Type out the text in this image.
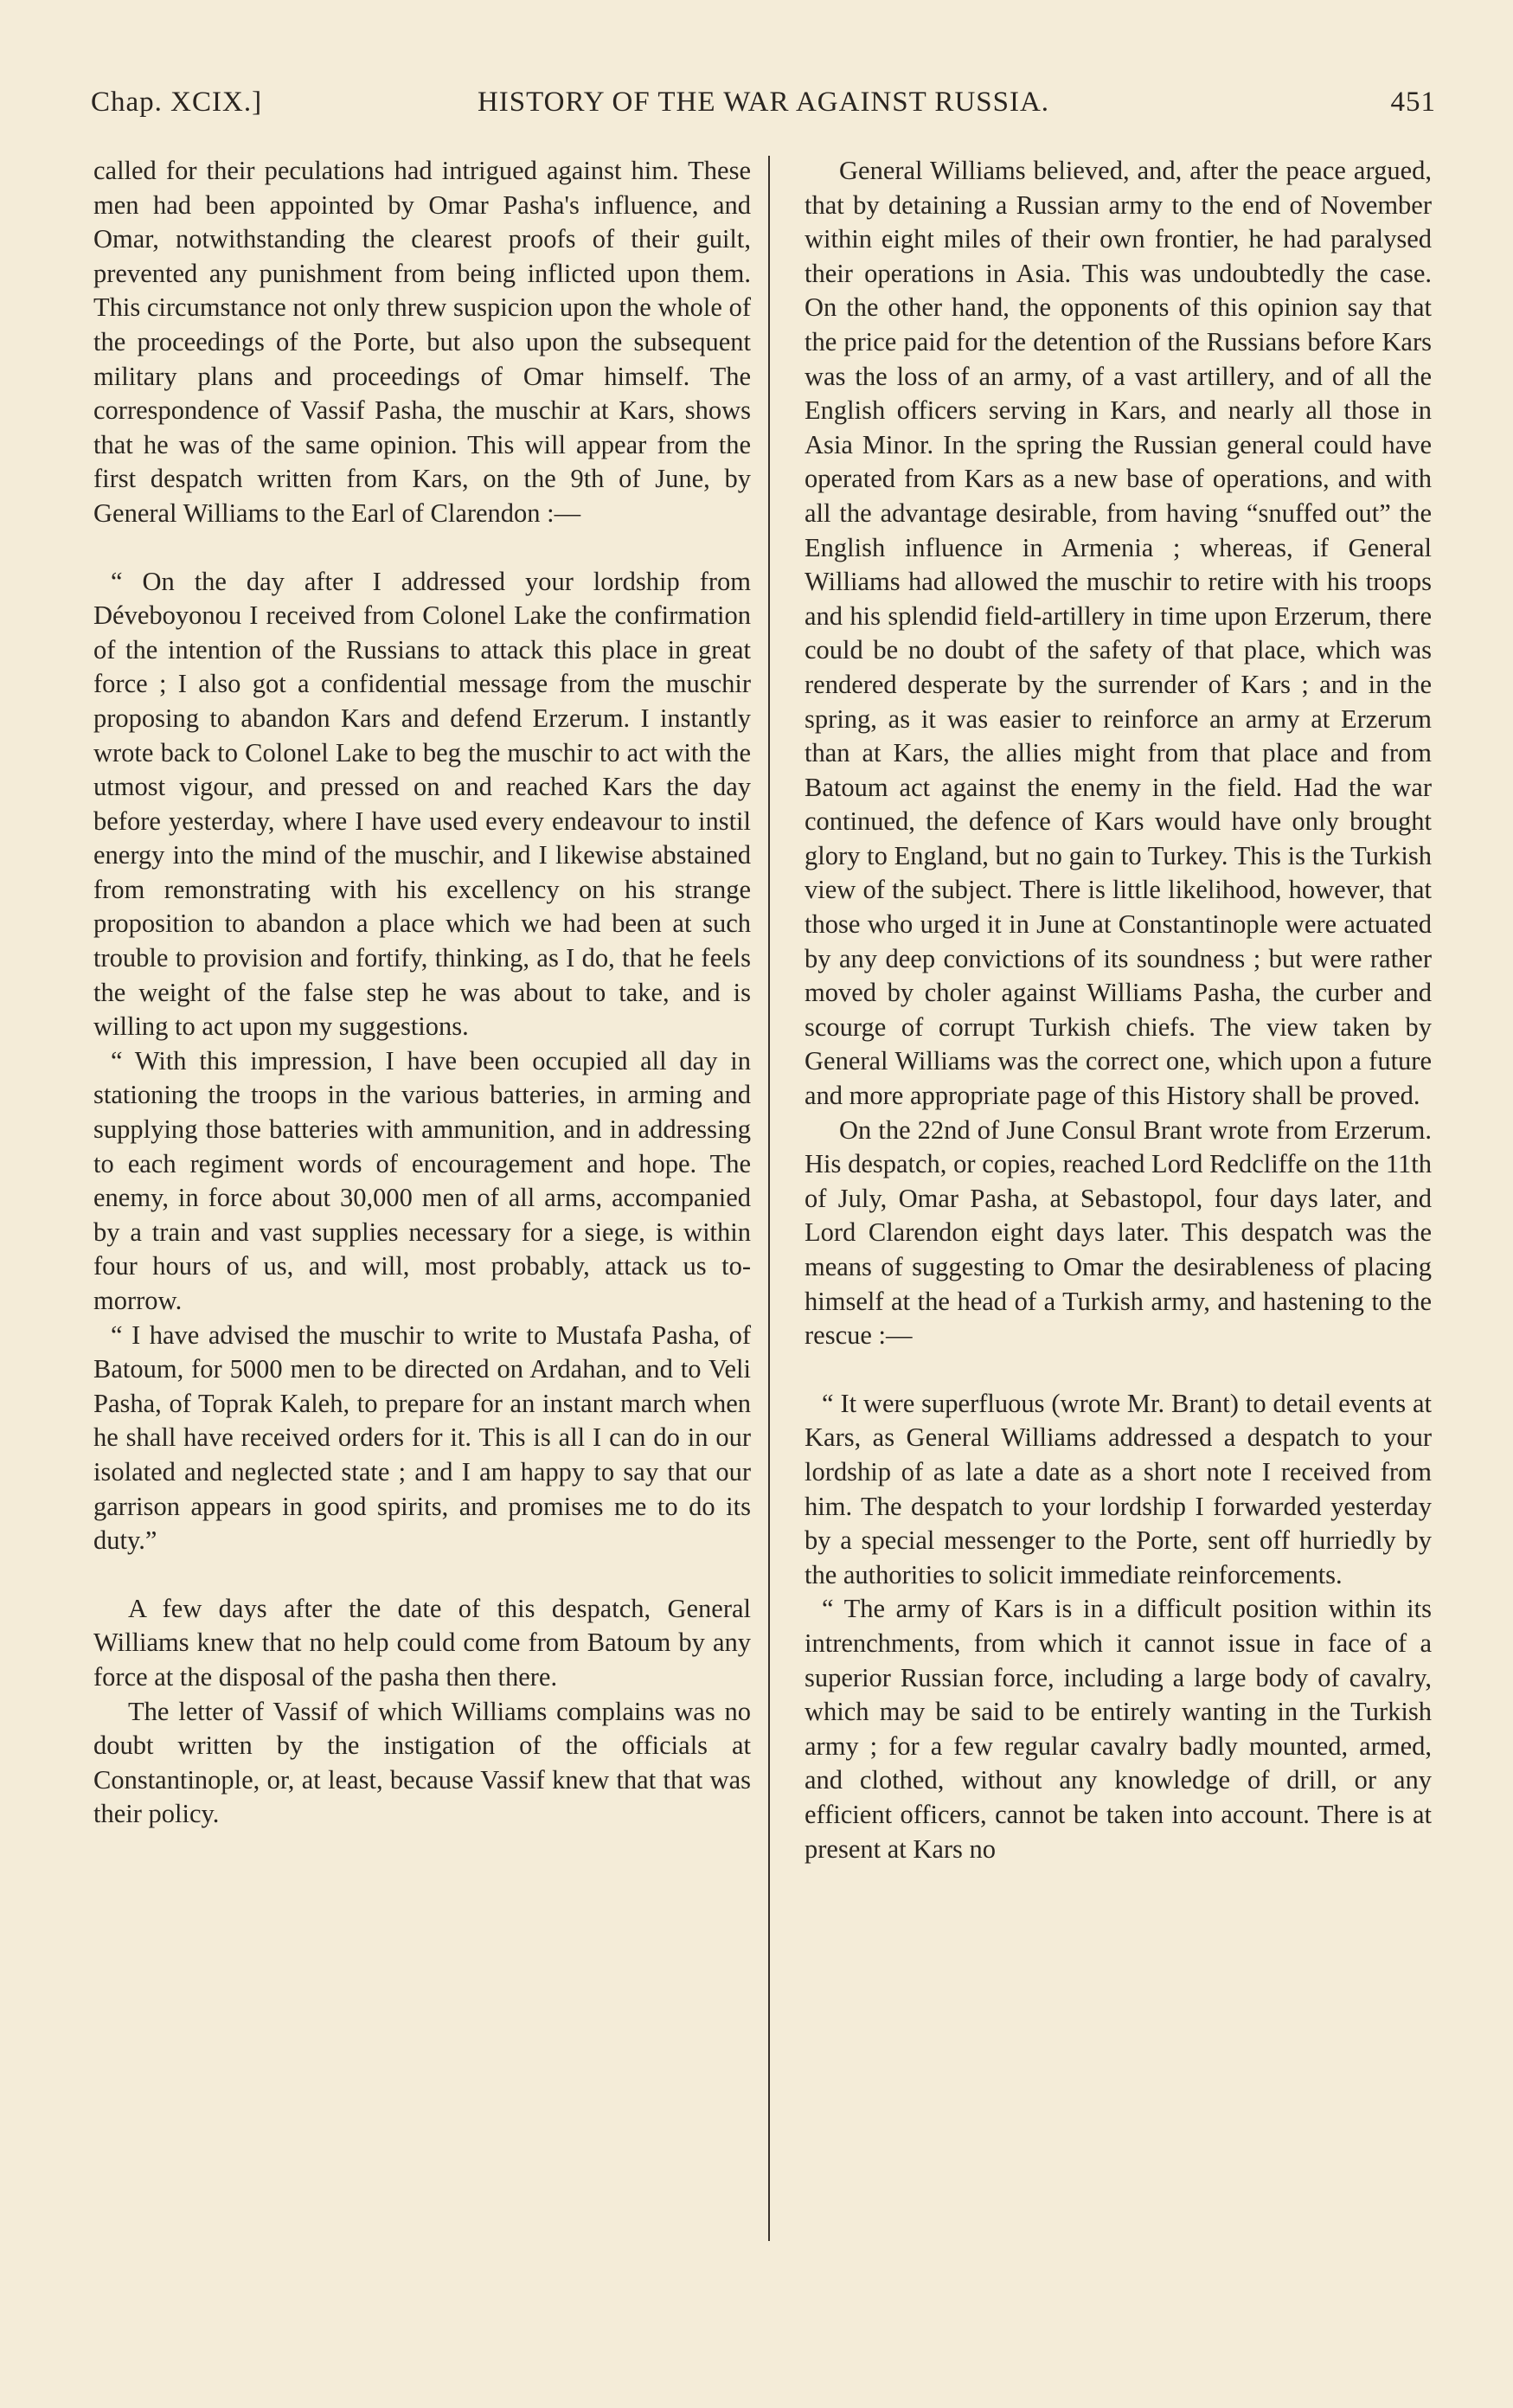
Chap. XCIX.]	HISTORY OF THE WAR AGAINST RUSSIA.	451

called for their peculations had intrigued against him. These men had been appointed by Omar Pasha's influence, and Omar, notwithstanding the clearest proofs of their guilt, prevented any punishment from being inflicted upon them. This circumstance not only threw suspicion upon the whole of the proceedings of the Porte, but also upon the subsequent military plans and proceedings of Omar himself. The correspondence of Vassif Pasha, the muschir at Kars, shows that he was of the same opinion. This will appear from the first despatch written from Kars, on the 9th of June, by General Williams to the Earl of Clarendon :—

“ On the day after I addressed your lordship from Déveboyonou I received from Colonel Lake the confirmation of the intention of the Russians to attack this place in great force ; I also got a confidential message from the muschir proposing to abandon Kars and defend Erzerum. I instantly wrote back to Colonel Lake to beg the muschir to act with the utmost vigour, and pressed on and reached Kars the day before yesterday, where I have used every endeavour to instil energy into the mind of the muschir, and I likewise abstained from remonstrating with his excellency on his strange proposition to abandon a place which we had been at such trouble to provision and fortify, thinking, as I do, that he feels the weight of the false step he was about to take, and is willing to act upon my suggestions.

“ With this impression, I have been occupied all day in stationing the troops in the various batteries, in arming and supplying those batteries with ammunition, and in addressing to each regiment words of encouragement and hope. The enemy, in force about 30,000 men of all arms, accompanied by a train and vast supplies necessary for a siege, is within four hours of us, and will, most probably, attack us to-morrow.

“ I have advised the muschir to write to Mustafa Pasha, of Batoum, for 5000 men to be directed on Ardahan, and to Veli Pasha, of Toprak Kaleh, to prepare for an instant march when he shall have received orders for it. This is all I can do in our isolated and neglected state ; and I am happy to say that our garrison appears in good spirits, and promises me to do its duty.”

A few days after the date of this despatch, General Williams knew that no help could come from Batoum by any force at the disposal of the pasha then there.

The letter of Vassif of which Williams complains was no doubt written by the instigation of the officials at Constantinople, or, at least, because Vassif knew that that was their policy.

General Williams believed, and, after the peace argued, that by detaining a Russian army to the end of November within eight miles of their own frontier, he had paralysed their operations in Asia. This was undoubtedly the case. On the other hand, the opponents of this opinion say that the price paid for the detention of the Russians before Kars was the loss of an army, of a vast artillery, and of all the English officers serving in Kars, and nearly all those in Asia Minor. In the spring the Russian general could have operated from Kars as a new base of operations, and with all the advantage desirable, from having “snuffed out” the English influence in Armenia ; whereas, if General Williams had allowed the muschir to retire with his troops and his splendid field-artillery in time upon Erzerum, there could be no doubt of the safety of that place, which was rendered desperate by the surrender of Kars ; and in the spring, as it was easier to reinforce an army at Erzerum than at Kars, the allies might from that place and from Batoum act against the enemy in the field. Had the war continued, the defence of Kars would have only brought glory to England, but no gain to Turkey. This is the Turkish view of the subject. There is little likelihood, however, that those who urged it in June at Constantinople were actuated by any deep convictions of its soundness ; but were rather moved by choler against Williams Pasha, the curber and scourge of corrupt Turkish chiefs. The view taken by General Williams was the correct one, which upon a future and more appropriate page of this History shall be proved.

On the 22nd of June Consul Brant wrote from Erzerum. His despatch, or copies, reached Lord Redcliffe on the 11th of July, Omar Pasha, at Sebastopol, four days later, and Lord Clarendon eight days later. This despatch was the means of suggesting to Omar the desirableness of placing himself at the head of a Turkish army, and hastening to the rescue :—

“ It were superfluous (wrote Mr. Brant) to detail events at Kars, as General Williams addressed a despatch to your lordship of as late a date as a short note I received from him. The despatch to your lordship I forwarded yesterday by a special messenger to the Porte, sent off hurriedly by the authorities to solicit immediate reinforcements.

“ The army of Kars is in a difficult position within its intrenchments, from which it cannot issue in face of a superior Russian force, including a large body of cavalry, which may be said to be entirely wanting in the Turkish army ; for a few regular cavalry badly mounted, armed, and clothed, without any knowledge of drill, or any efficient officers, cannot be taken into account. There is at present at Kars no
